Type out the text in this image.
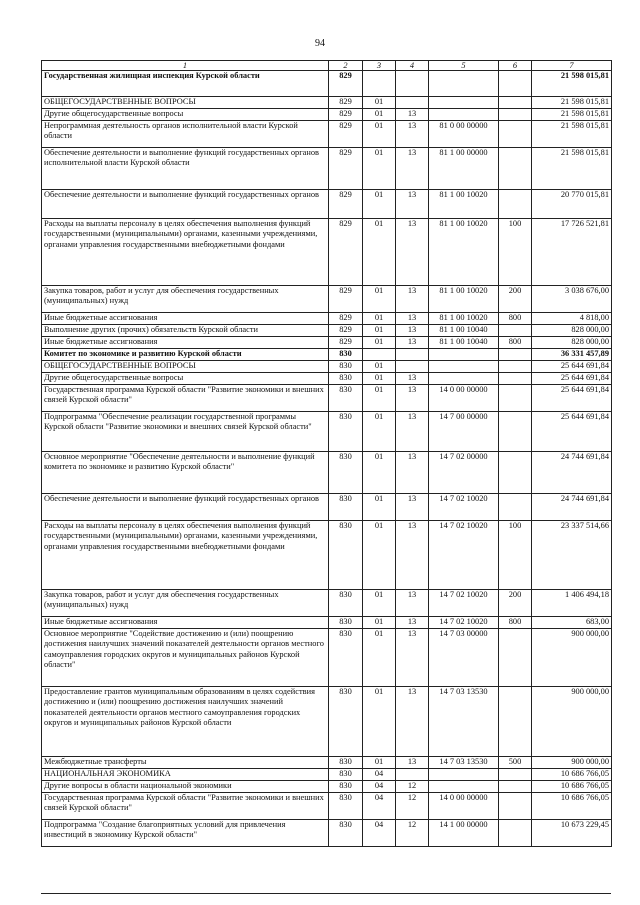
94
1	2	3	4	5	6	7
Государственная жилищная инспекция Курской области	829					21 598 015,81
ОБЩЕГОСУДАРСТВЕННЫЕ ВОПРОСЫ	829	01				21 598 015,81
Другие общегосударственные вопросы	829	01	13			21 598 015,81
Непрограммная деятельность органов исполнительной власти Курской области	829	01	13	81 0 00 00000		21 598 015,81
Обеспечение деятельности и выполнение функций государственных органов исполнительной власти Курской области	829	01	13	81 1 00 00000		21 598 015,81
Обеспечение деятельности и выполнение функций государственных органов	829	01	13	81 1 00 10020		20 770 015,81
Расходы на выплаты персоналу в целях обеспечения выполнения функций государственными (муниципальными) органами, казенными учреждениями, органами управления государственными внебюджетными фондами	829	01	13	81 1 00 10020	100	17 726 521,81
Закупка товаров, работ и услуг для обеспечения государственных (муниципальных) нужд	829	01	13	81 1 00 10020	200	3 038 676,00
Иные бюджетные ассигнования	829	01	13	81 1 00 10020	800	4 818,00
Выполнение других (прочих) обязательств Курской области	829	01	13	81 1 00 10040		828 000,00
Иные бюджетные ассигнования	829	01	13	81 1 00 10040	800	828 000,00
Комитет по экономике и развитию Курской области	830					36 331 457,89
ОБЩЕГОСУДАРСТВЕННЫЕ ВОПРОСЫ	830	01				25 644 691,84
Другие общегосударственные вопросы	830	01	13			25 644 691,84
Государственная программа Курской области "Развитие экономики и внешних связей Курской области"	830	01	13	14 0 00 00000		25 644 691,84
Подпрограмма "Обеспечение реализации государственной программы Курской области "Развитие экономики и внешних связей Курской области"	830	01	13	14 7 00 00000		25 644 691,84
Основное мероприятие "Обеспечение деятельности и выполнение функций комитета по экономике и развитию Курской области"	830	01	13	14 7 02 00000		24 744 691,84
Обеспечение деятельности и выполнение функций государственных органов	830	01	13	14 7 02 10020		24 744 691,84
Расходы на выплаты персоналу в целях обеспечения выполнения функций государственными (муниципальными) органами, казенными учреждениями, органами управления государственными внебюджетными фондами	830	01	13	14 7 02 10020	100	23 337 514,66
Закупка товаров, работ и услуг для обеспечения государственных (муниципальных) нужд	830	01	13	14 7 02 10020	200	1 406 494,18
Иные бюджетные ассигнования	830	01	13	14 7 02 10020	800	683,00
Основное мероприятие "Содействие достижению и (или) поощрению достижения наилучших значений показателей деятельности органов местного самоуправления городских округов и муниципальных районов Курской области"	830	01	13	14 7 03 00000		900 000,00
Предоставление грантов муниципальным образованиям в целях содействия достижению и (или) поощрению достижения наилучших значений показателей деятельности органов местного самоуправления городских округов и муниципальных районов Курской области	830	01	13	14 7 03 13530		900 000,00
Межбюджетные трансферты	830	01	13	14 7 03 13530	500	900 000,00
НАЦИОНАЛЬНАЯ ЭКОНОМИКА	830	04				10 686 766,05
Другие вопросы в области национальной экономики	830	04	12			10 686 766,05
Государственная программа Курской области "Развитие экономики и внешних связей Курской области"	830	04	12	14 0 00 00000		10 686 766,05
Подпрограмма "Создание благоприятных условий для привлечения инвестиций в экономику Курской области"	830	04	12	14 1 00 00000		10 673 229,45
